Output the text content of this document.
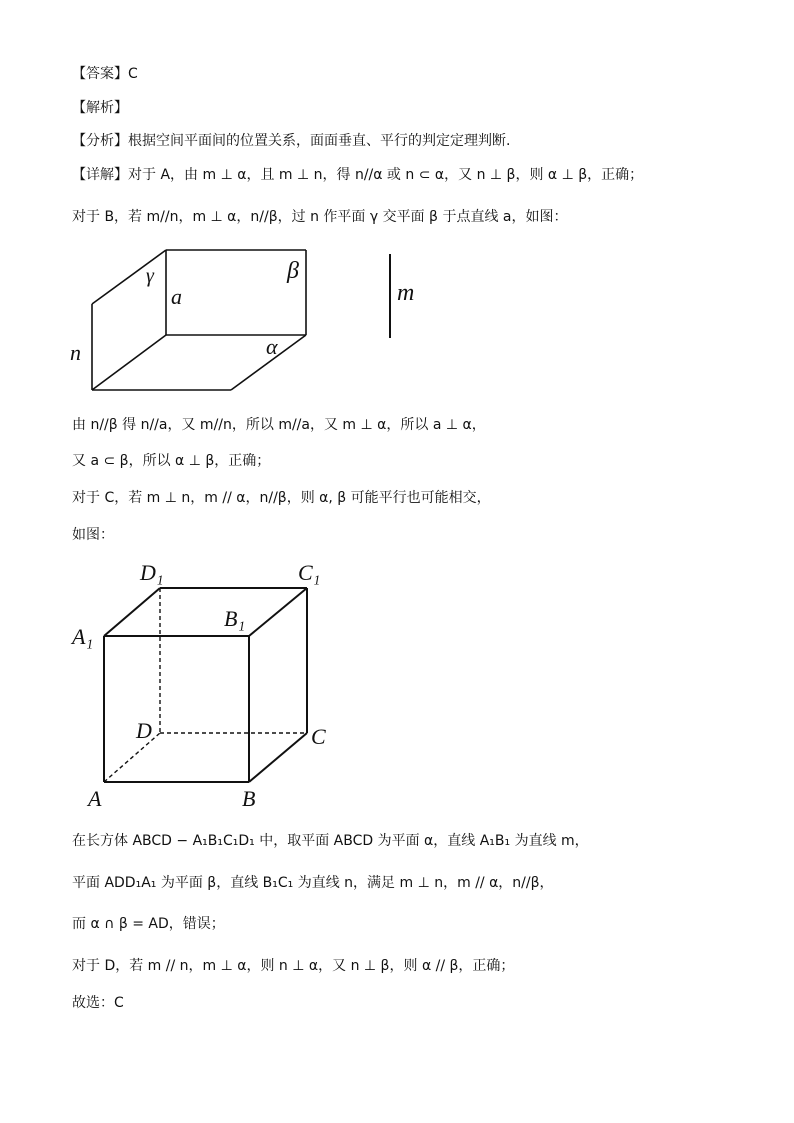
【答案】C
【解析】
【分析】根据空间平面间的位置关系，面面垂直、平行的判定定理判断.
【详解】对于 A，由 m ⊥ α，且 m ⊥ n，得 n//α 或 n ⊂ α，又 n ⊥ β，则 α ⊥ β，正确；
对于 B，若 m//n，m ⊥ α，n//β，过 n 作平面 γ 交平面 β 于点直线 a，如图：
γ	β
a
n	α
m
由 n//β 得 n//a，又 m//n，所以 m//a，又 m ⊥ α，所以 a ⊥ α，
又 a ⊂ β，所以 α ⊥ β，正确；
对于 C，若 m ⊥ n，m // α，n//β，则 α, β 可能平行也可能相交，
如图：
D₁	C₁
A₁
B₁
D	C
A	B
在长方体 ABCD − A₁B₁C₁D₁ 中，取平面 ABCD 为平面 α，直线 A₁B₁ 为直线 m，
平面 ADD₁A₁ 为平面 β，直线 B₁C₁ 为直线 n，满足 m ⊥ n，m // α，n//β，
而 α ∩ β = AD，错误；
对于 D，若 m // n，m ⊥ α，则 n ⊥ α，又 n ⊥ β，则 α // β，正确；
故选：C
